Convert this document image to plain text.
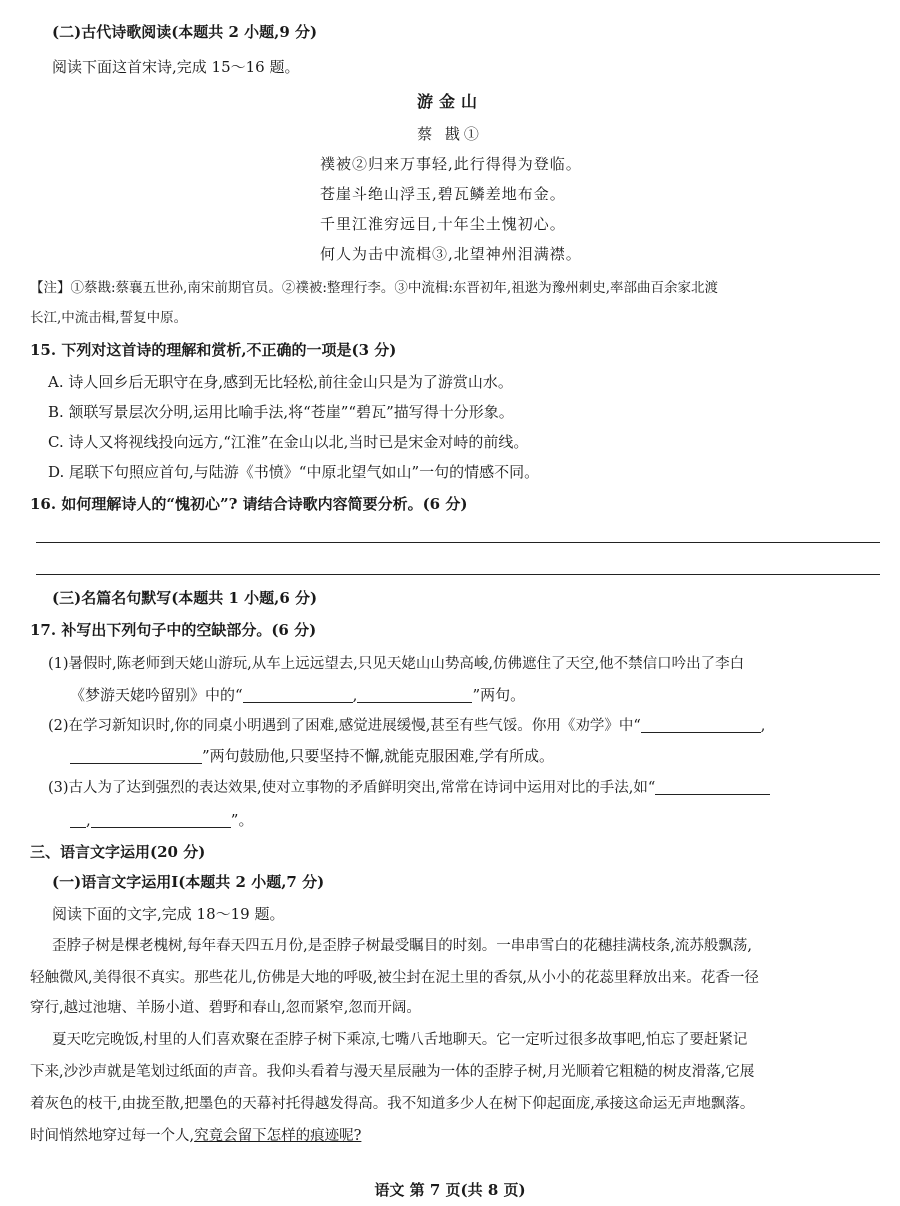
(二)古代诗歌阅读(本题共 2 小题,9 分)
阅读下面这首宋诗,完成 15～16 题。
游金山
蔡 戡①
襆被②归来万事轻,此行得得为登临。
苍崖斗绝山浮玉,碧瓦鳞差地布金。
千里江淮穷远目,十年尘土愧初心。
何人为击中流楫③,北望神州泪满襟。
【注】①蔡戡:蔡襄五世孙,南宋前期官员。②襆被:整理行李。③中流楫:东晋初年,祖逖为豫州刺史,率部曲百余家北渡
长江,中流击楫,誓复中原。
15. 下列对这首诗的理解和赏析,不正确的一项是(3 分)
A. 诗人回乡后无职守在身,感到无比轻松,前往金山只是为了游赏山水。
B. 颔联写景层次分明,运用比喻手法,将“苍崖”“碧瓦”描写得十分形象。
C. 诗人又将视线投向远方,“江淮”在金山以北,当时已是宋金对峙的前线。
D. 尾联下句照应首句,与陆游《书愤》“中原北望气如山”一句的情感不同。
16. 如何理解诗人的“愧初心”? 请结合诗歌内容简要分析。(6 分)
(三)名篇名句默写(本题共 1 小题,6 分)
17. 补写出下列句子中的空缺部分。(6 分)
(1)暑假时,陈老师到天姥山游玩,从车上远远望去,只见天姥山山势高峻,仿佛遮住了天空,他不禁信口吟出了李白
《梦游天姥吟留别》中的“	,	”两句。
(2)在学习新知识时,你的同桌小明遇到了困难,感觉进展缓慢,甚至有些气馁。你用《劝学》中“	,
”两句鼓励他,只要坚持不懈,就能克服困难,学有所成。
(3)古人为了达到强烈的表达效果,使对立事物的矛盾鲜明突出,常常在诗词中运用对比的手法,如“
,	”。
三、语言文字运用(20 分)
(一)语言文字运用Ⅰ(本题共 2 小题,7 分)
阅读下面的文字,完成 18～19 题。
歪脖子树是棵老槐树,每年春天四五月份,是歪脖子树最受瞩目的时刻。一串串雪白的花穗挂满枝条,流苏般飘荡,
轻触微风,美得很不真实。那些花儿,仿佛是大地的呼吸,被尘封在泥土里的香氛,从小小的花蕊里释放出来。花香一径
穿行,越过池塘、羊肠小道、碧野和春山,忽而紧窄,忽而开阔。
夏天吃完晚饭,村里的人们喜欢聚在歪脖子树下乘凉,七嘴八舌地聊天。它一定听过很多故事吧,怕忘了要赶紧记
下来,沙沙声就是笔划过纸面的声音。我仰头看着与漫天星辰融为一体的歪脖子树,月光顺着它粗糙的树皮滑落,它展
着灰色的枝干,由拢至散,把墨色的天幕衬托得越发得高。我不知道多少人在树下仰起面庞,承接这命运无声地飘落。
时间悄然地穿过每一个人,究竟会留下怎样的痕迹呢?
语文 第 7 页(共 8 页)
